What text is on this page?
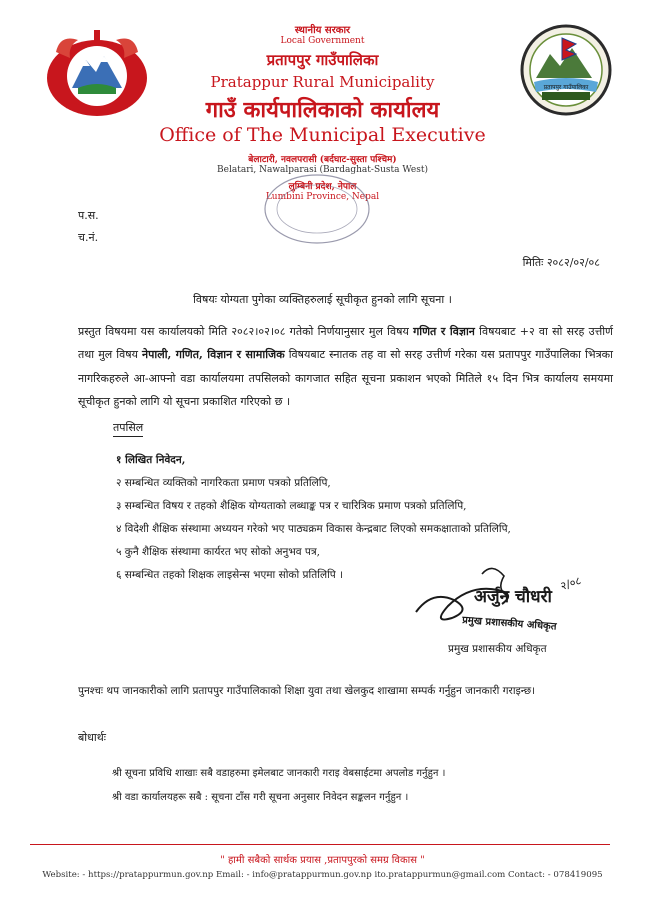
प्रतापपुर गाउँपालिका
स्थानीय सरकार
Local Government
प्रतापपुर गाउँपालिका
Pratappur Rural Municipality
गाउँ कार्यपालिकाको कार्यालय
Office of The Municipal Executive
बेलाटारी, नवलपरासी (बर्दघाट-सुस्ता पश्चिम)
Belatari, Nawalparasi (Bardaghat-Susta West)
लुम्बिनी प्रदेश, नेपाल
Lumbini Province, Nepal
प.स.
च.नं.
मितिः २०८२/०२/०८
विषयः योग्यता पुगेका व्यक्तिहरुलाई सूचीकृत हुनको लागि सूचना ।
प्रस्तुत विषयमा यस कार्यालयको मिति २०८२।०२।०८ गतेको निर्णयानुसार मुल विषय गणित र विज्ञान विषयबाट +२ वा सो सरह उत्तीर्ण तथा मुल विषय नेपाली, गणित, विज्ञान र सामाजिक विषयबाट स्नातक तह वा सो सरह उत्तीर्ण गरेका यस प्रतापपुर गाउँपालिका भित्रका नागरिकहरुले आ-आफ्नो वडा कार्यालयमा तपसिलको कागजात सहित सूचना प्रकाशन भएको मितिले १५ दिन भित्र कार्यालय समयमा सूचीकृत हुनको लागि यो सूचना प्रकाशित गरिएको छ ।
तपसिल
१ लिखित निवेदन,
२ सम्बन्धित व्यक्तिको नागरिकता प्रमाण पत्रको प्रतिलिपि,
३ सम्बन्धित विषय र तहको शैक्षिक योग्यताको लब्धाङ्क पत्र र चारित्रिक प्रमाण पत्रको प्रतिलिपि,
४ विदेशी शैक्षिक संस्थामा अध्ययन गरेको भए पाठ्यक्रम विकास केन्द्रबाट लिएको समकक्षाताको प्रतिलिपि,
५ कुनै शैक्षिक संस्थामा कार्यरत भए सोको अनुभव पत्र,
६ सम्बन्धित तहको शिक्षक लाइसेन्स भएमा सोको प्रतिलिपि ।
अर्जुन चौधरी
प्रमुख प्रशासकीय अधिकृत
२/०८
प्रमुख प्रशासकीय अधिकृत
पुनश्चः थप जानकारीको लागि प्रतापपुर गाउँपालिकाको शिक्षा युवा तथा खेलकुद शाखामा सम्पर्क गर्नुहुन जानकारी गराइन्छ।
बोधार्थः
श्री सूचना प्रविधि शाखाः सबै वडाहरुमा इमेलबाट जानकारी गराइ वेबसाईटमा अपलोड गर्नुहुन ।
श्री वडा कार्यालयहरू सबै : सूचना टाँस गरी सूचना अनुसार निवेदन सङ्कलन गर्नुहुन ।
" हामी सबैको सार्थक प्रयास ,प्रतापपुरको समग्र विकास "
Website: - https://pratappurmun.gov.np Email: - info@pratappurmun.gov.np ito.pratappurmun@gmail.com Contact: - 078419095
